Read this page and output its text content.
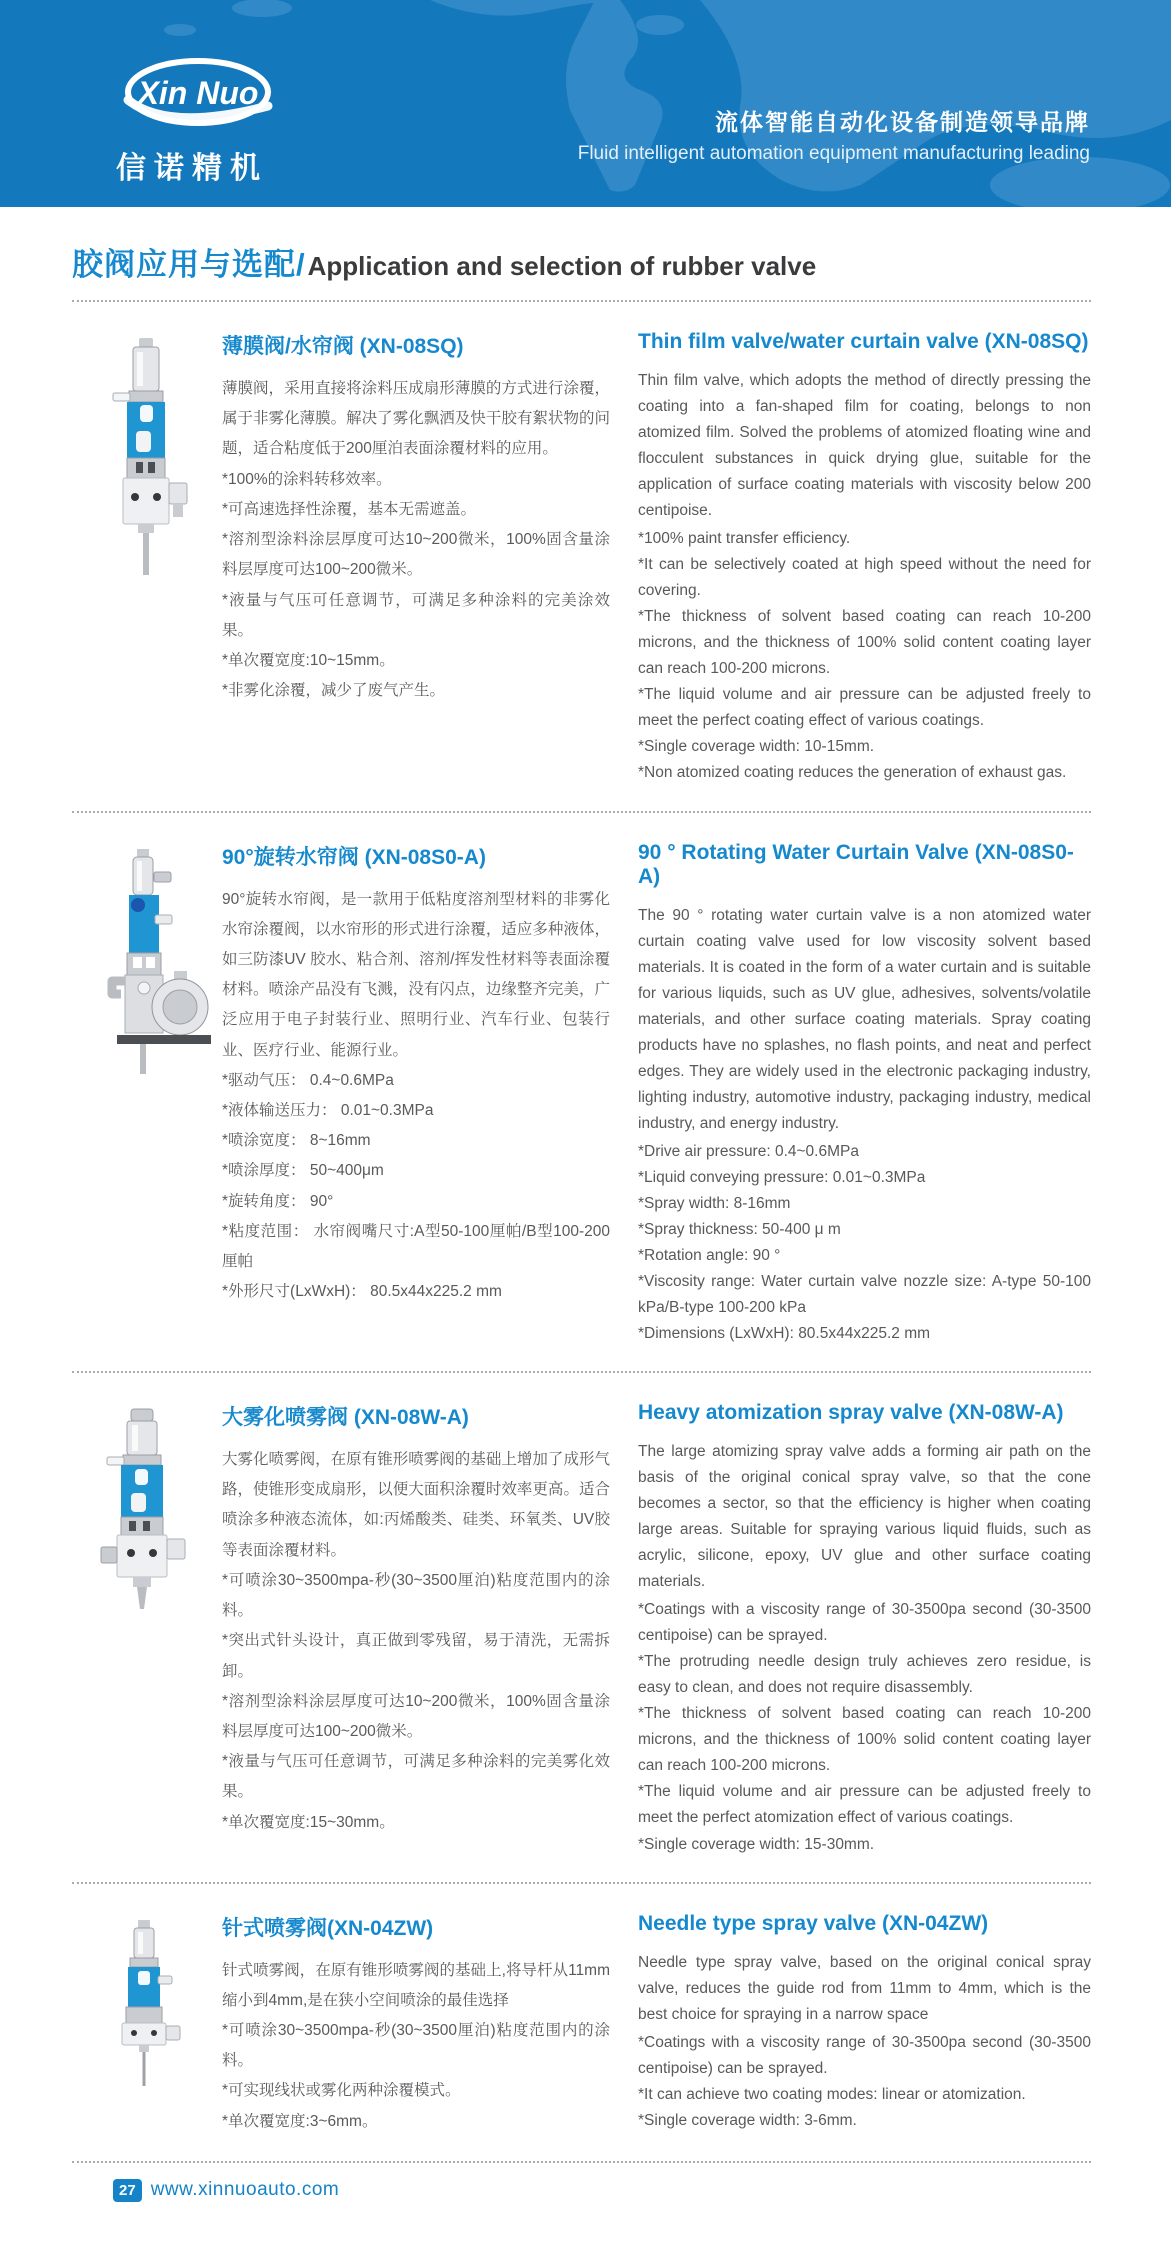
Xin Nuo
信诺精机
流体智能自动化设备制造领导品牌
Fluid intelligent automation equipment manufacturing leading
胶阀应用与选配/ Application and selection of rubber valve
薄膜阀/水帘阀 (XN-08SQ)
薄膜阀，采用直接将涂料压成扇形薄膜的方式进行涂覆，属于非雾化薄膜。解决了雾化飘洒及快干胶有絮状物的问题，适合粘度低于200厘泊表面涂覆材料的应用。
*100%的涂料转移效率。
*可高速选择性涂覆，基本无需遮盖。
*溶剂型涂料涂层厚度可达10~200微米，100%固含量涂料层厚度可达100~200微米。
*液量与气压可任意调节，可满足多种涂料的完美涂效果。
*单次覆宽度:10~15mm。
*非雾化涂覆，减少了废气产生。
Thin film valve/water curtain valve (XN-08SQ)
Thin film valve, which adopts the method of directly pressing the coating into a fan-shaped film for coating, belongs to non atomized film. Solved the problems of atomized floating wine and flocculent substances in quick drying glue, suitable for the application of surface coating materials with viscosity below 200 centipoise.
*100% paint transfer efficiency.
*It can be selectively coated at high speed without the need for covering.
*The thickness of solvent based coating can reach 10-200 microns, and the thickness of 100% solid content coating layer can reach 100-200 microns.
*The liquid volume and air pressure can be adjusted freely to meet the perfect coating effect of various coatings.
*Single coverage width: 10-15mm.
*Non atomized coating reduces the generation of exhaust gas.
90°旋转水帘阀 (XN-08S0-A)
90°旋转水帘阀，是一款用于低粘度溶剂型材料的非雾化水帘涂覆阀，以水帘形的形式进行涂覆，适应多种液体，如三防漆UV 胶水、粘合剂、溶剂/挥发性材料等表面涂覆材料。喷涂产品没有飞溅，没有闪点，边缘整齐完美，广泛应用于电子封装行业、照明行业、汽车行业、包装行业、医疗行业、能源行业。
*驱动气压： 0.4~0.6MPa
*液体输送压力： 0.01~0.3MPa
*喷涂宽度： 8~16mm
*喷涂厚度： 50~400μm
*旋转角度： 90°
*粘度范围： 水帘阀嘴尺寸:A型50-100厘帕/B型100-200厘帕
*外形尺寸(LxWxH)： 80.5x44x225.2 mm
90 ° Rotating Water Curtain Valve (XN-08S0-A)
The 90 ° rotating water curtain valve is a non atomized water curtain coating valve used for low viscosity solvent based materials. It is coated in the form of a water curtain and is suitable for various liquids, such as UV glue, adhesives, solvents/volatile materials, and other surface coating materials. Spray coating products have no splashes, no flash points, and neat and perfect edges. They are widely used in the electronic packaging industry, lighting industry, automotive industry, packaging industry, medical industry, and energy industry.
*Drive air pressure: 0.4~0.6MPa
*Liquid conveying pressure: 0.01~0.3MPa
*Spray width: 8-16mm
*Spray thickness: 50-400 μ m
*Rotation angle: 90 °
*Viscosity range: Water curtain valve nozzle size: A-type 50-100 kPa/B-type 100-200 kPa
*Dimensions (LxWxH): 80.5x44x225.2 mm
大雾化喷雾阀 (XN-08W-A)
大雾化喷雾阀，在原有锥形喷雾阀的基础上增加了成形气路，使锥形变成扇形，以便大面积涂覆时效率更高。适合喷涂多种液态流体，如:丙烯酸类、硅类、环氧类、UV胶等表面涂覆材料。
*可喷涂30~3500mpa-秒(30~3500厘泊)粘度范围内的涂料。
*突出式针头设计，真正做到零残留，易于清洗，无需拆卸。
*溶剂型涂料涂层厚度可达10~200微米，100%固含量涂料层厚度可达100~200微米。
*液量与气压可任意调节，可满足多种涂料的完美雾化效果。
*单次覆宽度:15~30mm。
Heavy atomization spray valve (XN-08W-A)
The large atomizing spray valve adds a forming air path on the basis of the original conical spray valve, so that the cone becomes a sector, so that the efficiency is higher when coating large areas. Suitable for spraying various liquid fluids, such as acrylic, silicone, epoxy, UV glue and other surface coating materials.
*Coatings with a viscosity range of 30-3500pa second (30-3500 centipoise) can be sprayed.
*The protruding needle design truly achieves zero residue, is easy to clean, and does not require disassembly.
*The thickness of solvent based coating can reach 10-200 microns, and the thickness of 100% solid content coating layer can reach 100-200 microns.
*The liquid volume and air pressure can be adjusted freely to meet the perfect atomization effect of various coatings.
*Single coverage width: 15-30mm.
针式喷雾阀(XN-04ZW)
针式喷雾阀，在原有锥形喷雾阀的基础上,将导杆从11mm缩小到4mm,是在狭小空间喷涂的最佳选择
*可喷涂30~3500mpa-秒(30~3500厘泊)粘度范围内的涂料。
*可实现线状或雾化两种涂覆模式。
*单次覆宽度:3~6mm。
Needle type spray valve (XN-04ZW)
Needle type spray valve, based on the original conical spray valve, reduces the guide rod from 11mm to 4mm, which is the best choice for spraying in a narrow space
*Coatings with a viscosity range of 30-3500pa second (30-3500 centipoise) can be sprayed.
*It can achieve two coating modes: linear or atomization.
*Single coverage width: 3-6mm.
27 www.xinnuoauto.com
